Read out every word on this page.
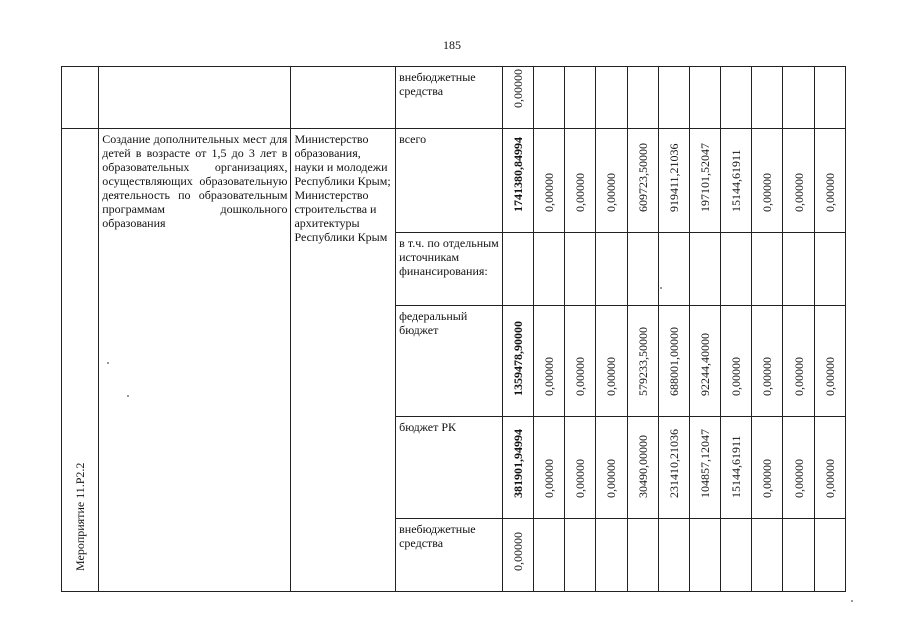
185

			внебюджетные средства	0,00000										

Мероприятие 11.Р2.2	Создание дополнительных мест для детей в возрасте от 1,5 до 3 лет в образовательных организациях, осуществляющих образовательную деятельность по образовательным программам дошкольного образования	Министерство образования, науки и молодежи Республики Крым; Министерство строительства и архитектуры Республики Крым	всего	1741380,84994	0,00000	0,00000	0,00000	609723,50000	919411,21036	197101,52047	15144,61911	0,00000	0,00000	0,00000

			в т.ч. по отдельным источникам финансирования:											

			федеральный бюджет	1359478,90000	0,00000	0,00000	0,00000	579233,50000	688001,00000	92244,40000	0,00000	0,00000	0,00000	0,00000

			бюджет РК	381901,94994	0,00000	0,00000	0,00000	30490,00000	231410,21036	104857,12047	15144,61911	0,00000	0,00000	0,00000

			внебюджетные средства	0,00000										
